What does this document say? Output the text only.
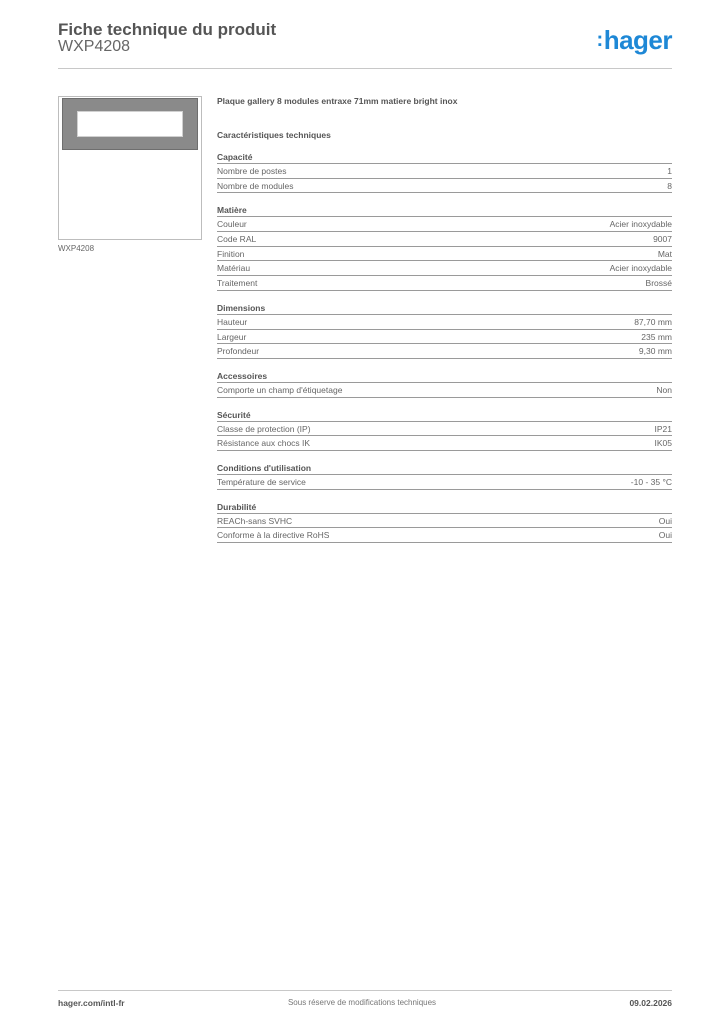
Fiche technique du produit
WXP4208	:hager
WXP4208
Plaque gallery 8 modules entraxe 71mm matiere bright inox
Caractéristiques techniques
Capacité
Nombre de postes	1
Nombre de modules	8
Matière
Couleur	Acier inoxydable
Code RAL	9007
Finition	Mat
Matériau	Acier inoxydable
Traitement	Brossé
Dimensions
Hauteur	87,70 mm
Largeur	235 mm
Profondeur	9,30 mm
Accessoires
Comporte un champ d'étiquetage	Non
Sécurité
Classe de protection (IP)	IP21
Résistance aux chocs IK	IK05
Conditions d'utilisation
Température de service	-10 - 35 °C
Durabilité
REACh-sans SVHC	Oui
Conforme à la directive RoHS	Oui
hager.com/intl-fr	Sous réserve de modifications techniques	09.02.2026
